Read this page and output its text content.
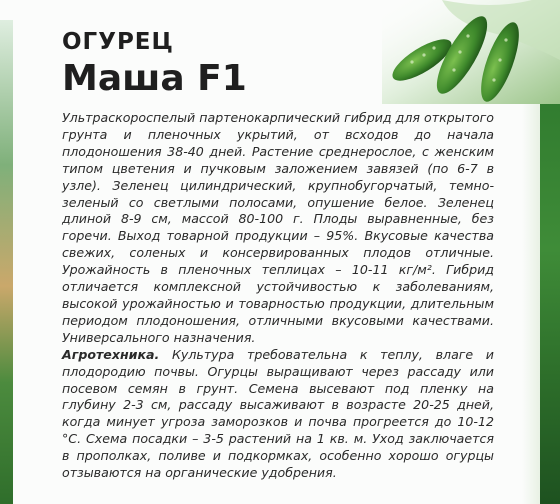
ОГУРЕЦ
Маша F1

Ультраскороспелый партенокарпический гибрид для открытого грунта и пленочных укрытий, от всходов до начала плодоношения 38-40 дней. Растение среднерослое, с женским типом цветения и пучковым заложением завязей (по 6-7 в узле). Зеленец цилиндрический, крупнобугорчатый, темно-зеленый со светлыми полосами, опушение белое. Зеленец длиной 8-9 см, массой 80-100 г. Плоды выравненные, без горечи. Выход товарной продукции – 95%. Вкусовые качества свежих, соленых и консервированных плодов отличные. Урожайность в пленочных теплицах – 10-11 кг/м². Гибрид отличается комплексной устойчивостью к заболеваниям, высокой урожайностью и товарностью продукции, длительным периодом плодоношения, отличными вкусовыми качествами. Универсального назначения.

Агротехника. Культура требовательна к теплу, влаге и плодородию почвы. Огурцы выращивают через рассаду или посевом семян в грунт. Семена высевают под пленку на глубину 2-3 см, рассаду высаживают в возрасте 20-25 дней, когда минует угроза заморозков и почва прогреется до 10-12 °С. Схема посадки – 3-5 растений на 1 кв. м. Уход заключается в прополках, поливе и подкормках, особенно хорошо огурцы отзываются на органические удобрения.
